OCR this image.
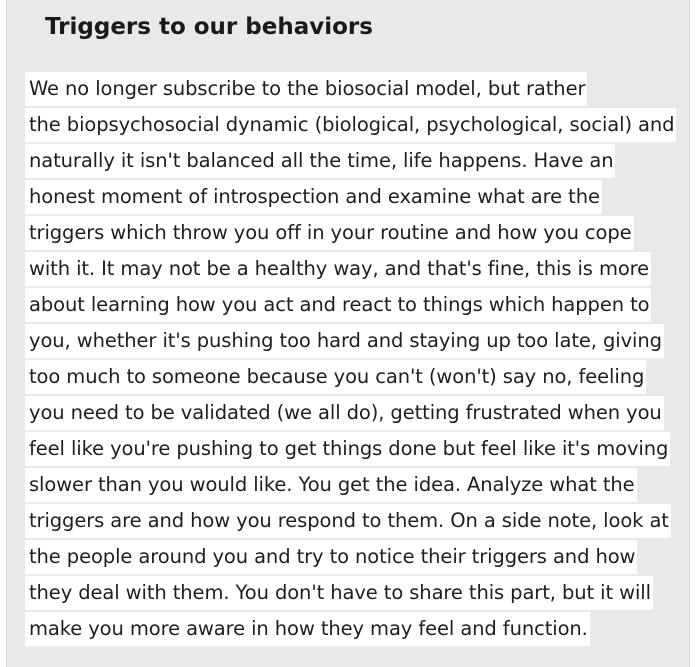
Triggers to our behaviors
We no longer subscribe to the biosocial model, but rather
the biopsychosocial dynamic (biological, psychological, social) and
naturally it isn't balanced all the time, life happens. Have an
honest moment of introspection and examine what are the
triggers which throw you off in your routine and how you cope
with it. It may not be a healthy way, and that's fine, this is more
about learning how you act and react to things which happen to
you, whether it's pushing too hard and staying up too late, giving
too much to someone because you can't (won't) say no, feeling
you need to be validated (we all do), getting frustrated when you
feel like you're pushing to get things done but feel like it's moving
slower than you would like. You get the idea. Analyze what the
triggers are and how you respond to them. On a side note, look at
the people around you and try to notice their triggers and how
they deal with them. You don't have to share this part, but it will
make you more aware in how they may feel and function.
